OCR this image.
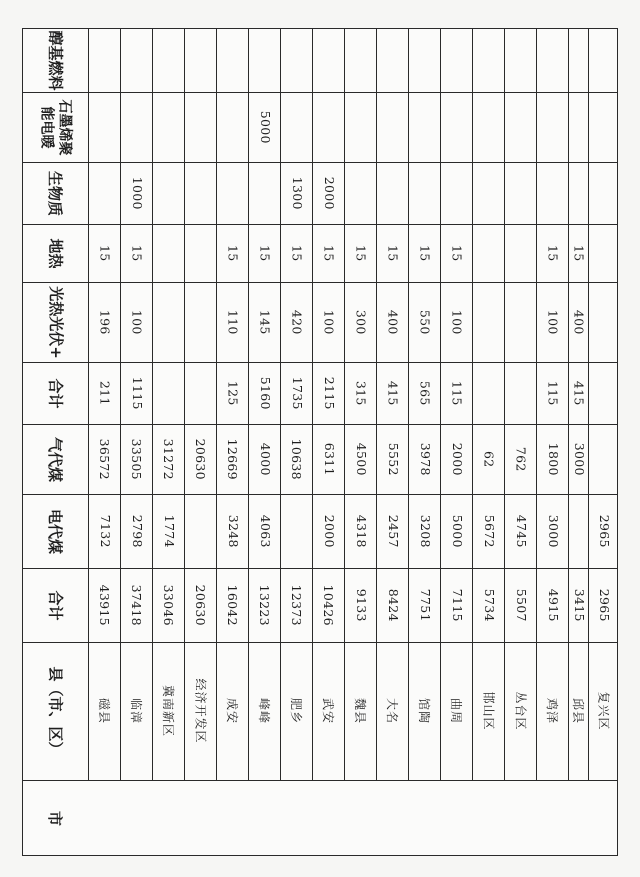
市
县（市、区）
合计
电代煤
气代煤
合计
光热光伏+
地热
生物质
石墨烯聚能电暖
醇基燃料
磁县
43915
7132
36572
211
196
15
临漳
37418
2798
33505
1115
100
15
1000
冀南新区
33046
1774
31272
经济开发区
20630
20630
成安
16042
3248
12669
125
110
15
峰峰
13223
4063
4000
5160
145
15
5000
肥乡
12373
10638
1735
420
15
1300
武安
10426
2000
6311
2115
100
15
2000
魏县
9133
4318
4500
315
300
15
大名
8424
2457
5552
415
400
15
馆陶
7751
3208
3978
565
550
15
曲周
7115
5000
2000
115
100
15
邯山区
5734
5672
62
丛台区
5507
4745
762
鸡泽
4915
3000
1800
115
100
15
邱县
3415
3000
415
400
15
复兴区
2965
2965
